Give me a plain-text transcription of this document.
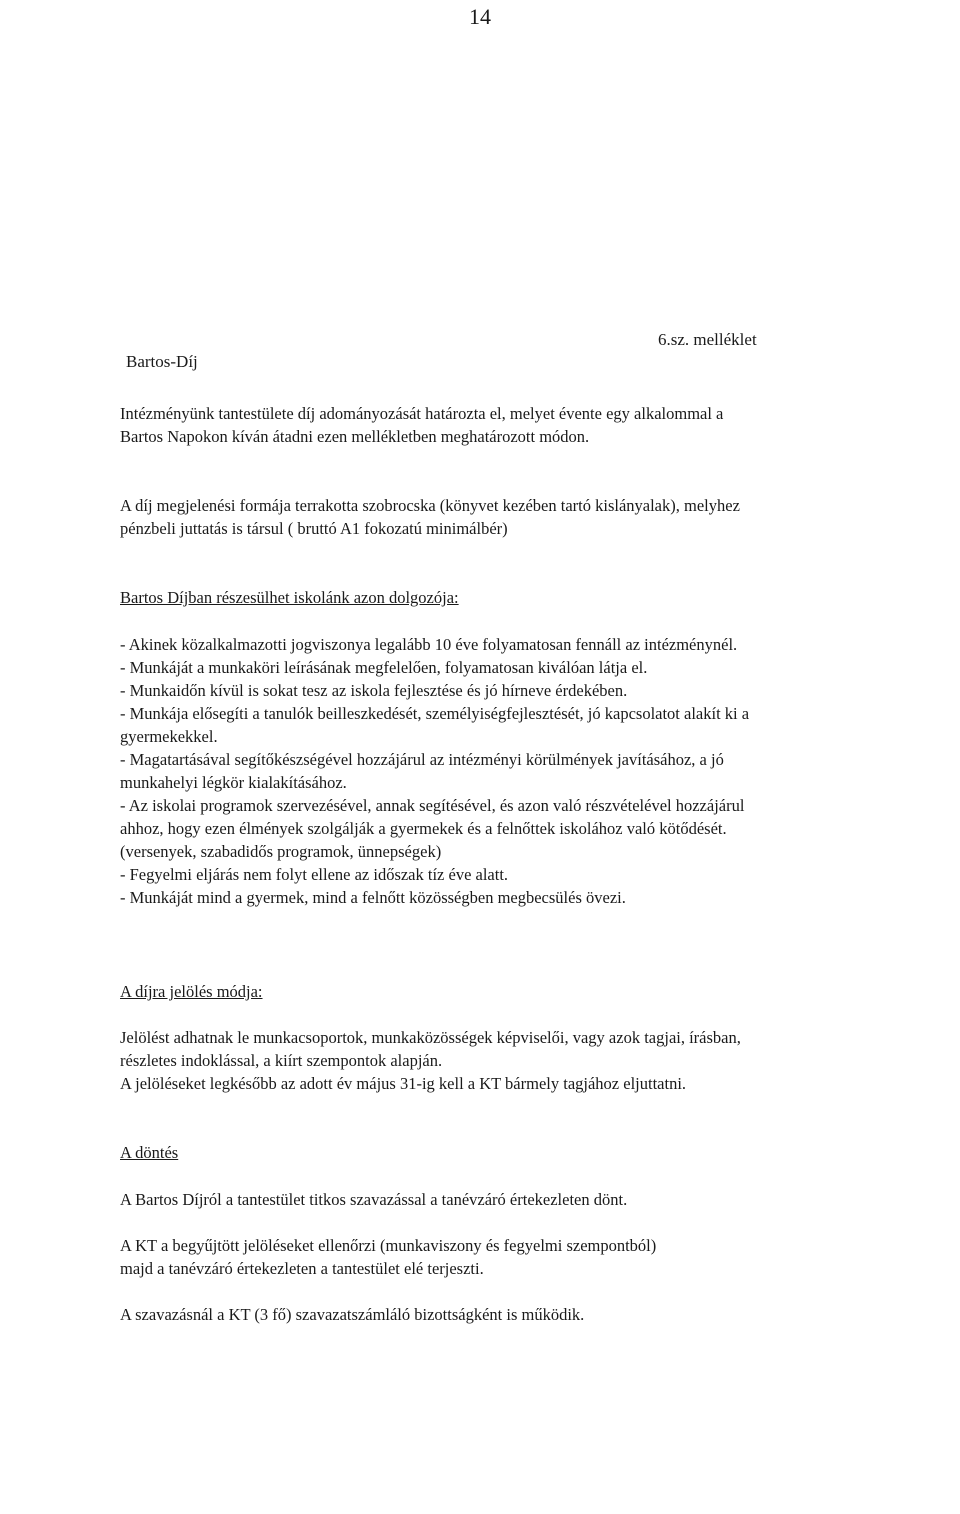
14
6.sz. melléklet
Bartos-Díj

Intézményünk tantestülete díj adományozását határozta el, melyet évente egy alkalommal a Bartos Napokon kíván átadni ezen mellékletben meghatározott módon.

A díj megjelenési formája terrakotta szobrocska (könyvet kezében tartó kislányalak), melyhez pénzbeli juttatás is társul ( bruttó A1 fokozatú minimálbér)

Bartos Díjban részesülhet iskolánk azon dolgozója:

- Akinek közalkalmazotti jogviszonya legalább 10 éve folyamatosan fennáll az intézménynél.

- Munkáját a munkaköri leírásának megfelelően, folyamatosan kiválóan látja el.

- Munkaidőn kívül is sokat tesz az iskola fejlesztése és jó hírneve érdekében.

- Munkája elősegíti a tanulók beilleszkedését, személyiségfejlesztését, jó kapcsolatot alakít ki a gyermekekkel.

- Magatartásával segítőkészségével hozzájárul az intézményi körülmények javításához, a jó munkahelyi légkör kialakításához.

- Az iskolai programok szervezésével, annak segítésével, és azon való részvételével hozzájárul ahhoz, hogy ezen élmények szolgálják a gyermekek és a felnőttek iskolához való kötődését.(versenyek, szabadidős programok, ünnepségek)

- Fegyelmi eljárás nem folyt ellene az időszak tíz éve alatt.

- Munkáját mind a gyermek, mind a felnőtt közösségben megbecsülés övezi.

A díjra jelölés módja:

Jelölést adhatnak le munkacsoportok, munkaközösségek képviselői, vagy azok tagjai, írásban, részletes indoklással, a kiírt szempontok alapján.

A jelöléseket legkésőbb az adott év május 31-ig kell a KT bármely tagjához eljuttatni.

A döntés

A Bartos Díjról a tantestület titkos szavazással a tanévzáró értekezleten dönt.

A KT a begyűjtött jelöléseket ellenőrzi (munkaviszony és fegyelmi szempontból) majd a tanévzáró értekezleten a tantestület elé terjeszti.

A szavazásnál a KT (3 fő) szavazatszámláló bizottságként is működik.
